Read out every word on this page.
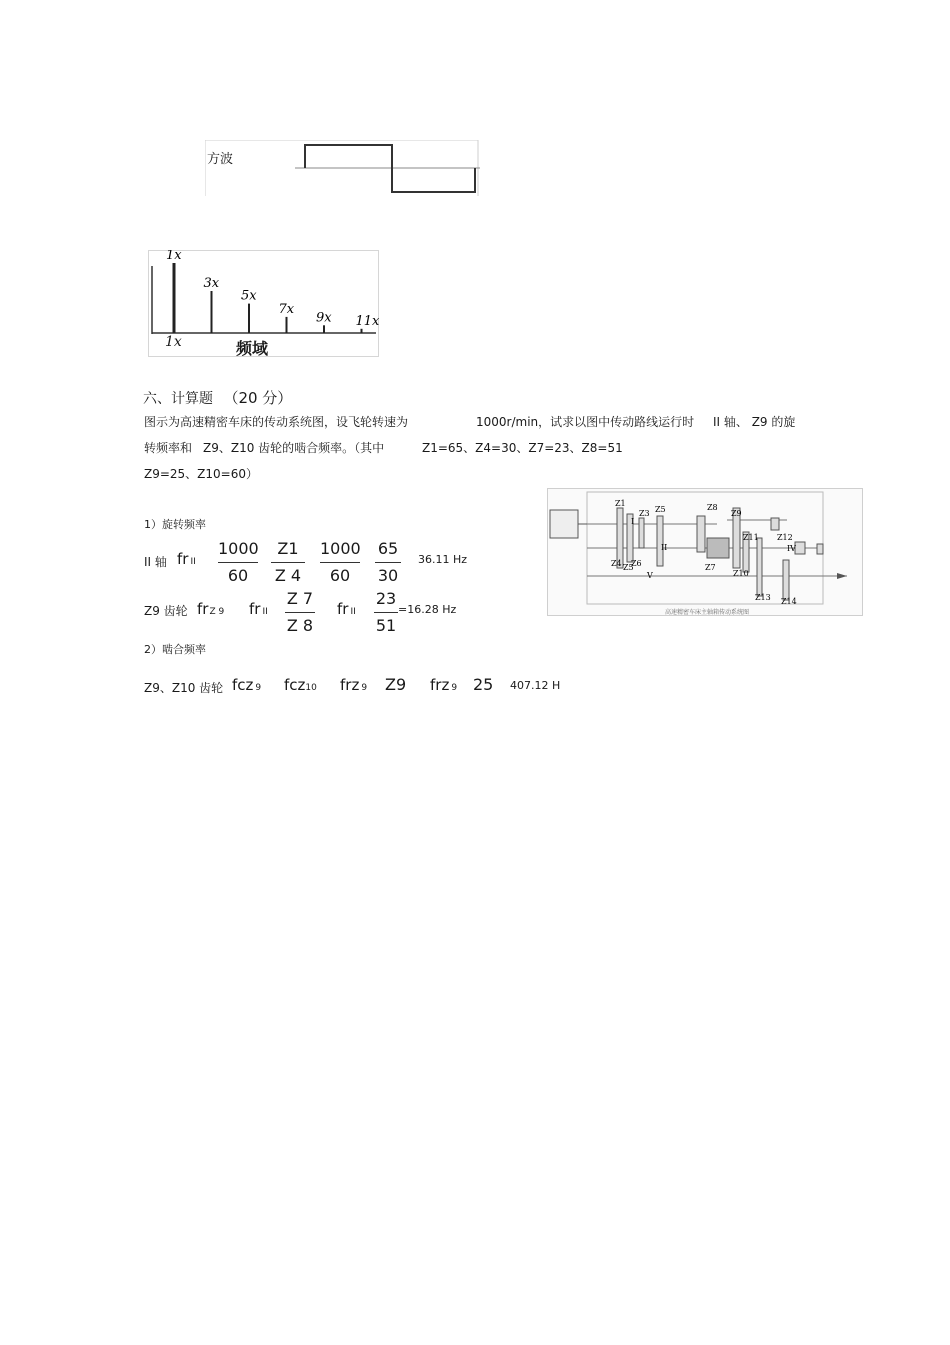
方波
1x
3x
5x
7x
9x 11x
1x	频域
六、计算题 （20 分）
图示为高速精密车床的传动系统图，设飞轮转速为	1000r/min，试求以图中传动路线运行时 II 轴、 Z9 的旋
转频率和 Z9、Z10 齿轮的啮合频率。（其中	Z1=65、Z4=30、Z7=23、Z8=51
Z9=25、Z10=60）
Z1
Z3 Z5	Z8
Z9
Z11 Z12
Z4 Z5
Z6	Z7
Z10
Z13 Z14
I
II	IV
V
高速精密车床主轴箱传动系统图
1）旋转频率
II 轴 fr II
1000
60
Z1
Z 4
1000
60
65
30
36.11 Hz
Z9 齿轮 frZ 9 fr II
Z 7
Z 8
fr II
23
51
=16.28 Hz
2）啮合频率
Z9、Z10 齿轮 fcz 9 fcz10 frz 9 Z9 frz 9 25 407.12 H
